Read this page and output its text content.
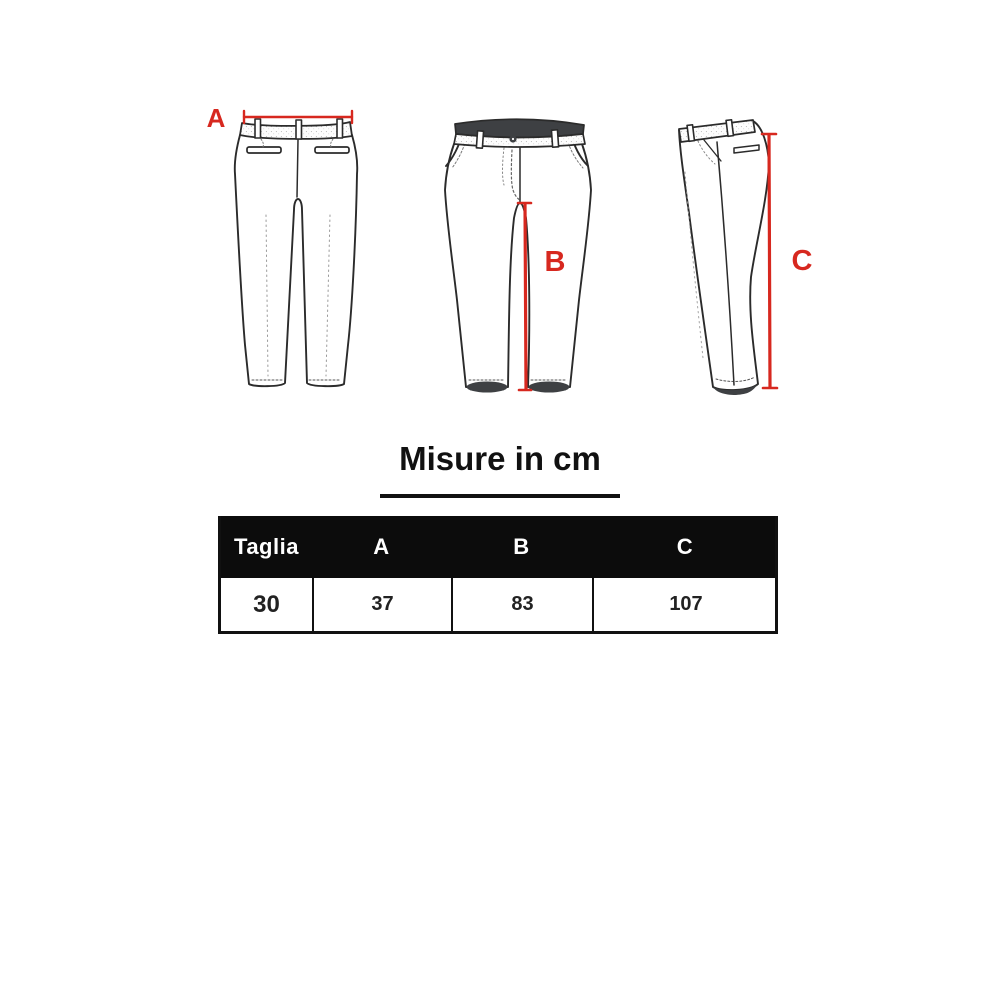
A
B	C
Misure in cm
Taglia	A	B	C
30	37	83	107
